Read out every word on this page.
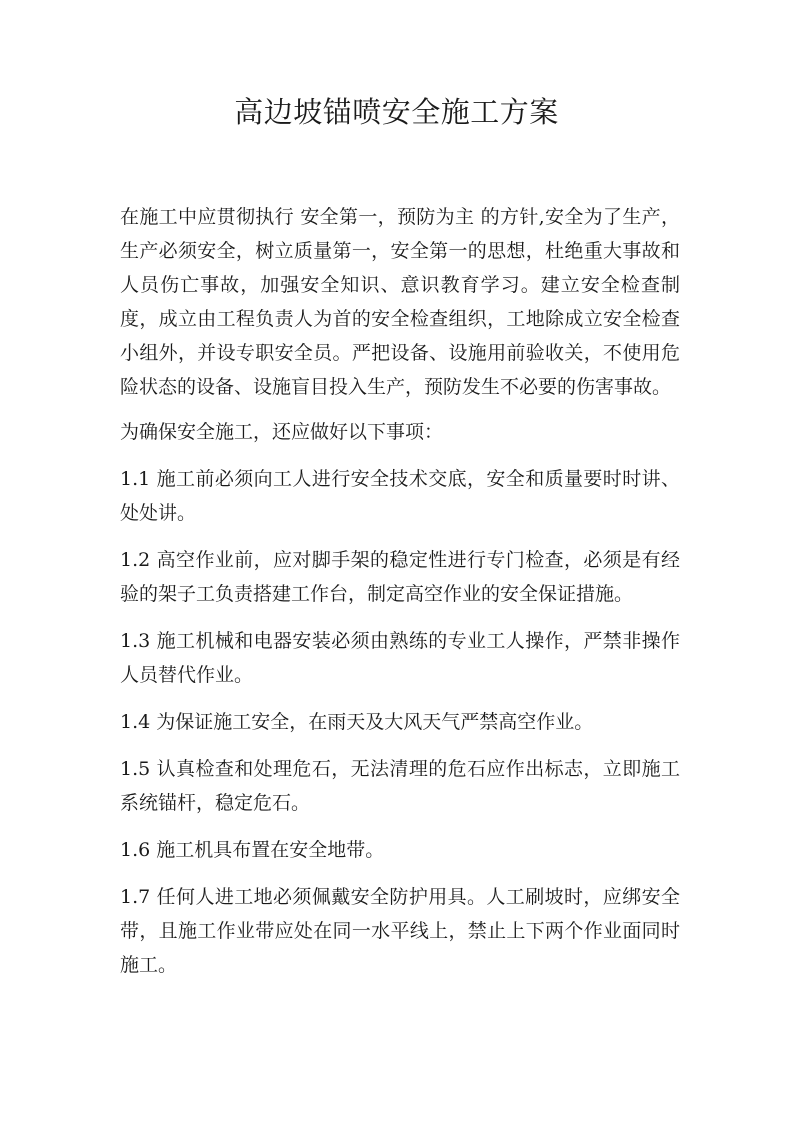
高边坡锚喷安全施工方案

在施工中应贯彻执行 安全第一，预防为主 的方针,安全为了生产，生产必须安全，树立质量第一，安全第一的思想，杜绝重大事故和人员伤亡事故，加强安全知识、意识教育学习。建立安全检查制度，成立由工程负责人为首的安全检查组织，工地除成立安全检查小组外，并设专职安全员。严把设备、设施用前验收关，不使用危险状态的设备、设施盲目投入生产，预防发生不必要的伤害事故。

为确保安全施工，还应做好以下事项：

1.1 施工前必须向工人进行安全技术交底，安全和质量要时时讲、处处讲。

1.2 高空作业前，应对脚手架的稳定性进行专门检查，必须是有经验的架子工负责搭建工作台，制定高空作业的安全保证措施。

1.3 施工机械和电器安装必须由熟练的专业工人操作，严禁非操作人员替代作业。

1.4 为保证施工安全，在雨天及大风天气严禁高空作业。

1.5 认真检查和处理危石，无法清理的危石应作出标志，立即施工系统锚杆，稳定危石。

1.6 施工机具布置在安全地带。

1.7 任何人进工地必须佩戴安全防护用具。人工刷坡时，应绑安全带，且施工作业带应处在同一水平线上，禁止上下两个作业面同时施工。
